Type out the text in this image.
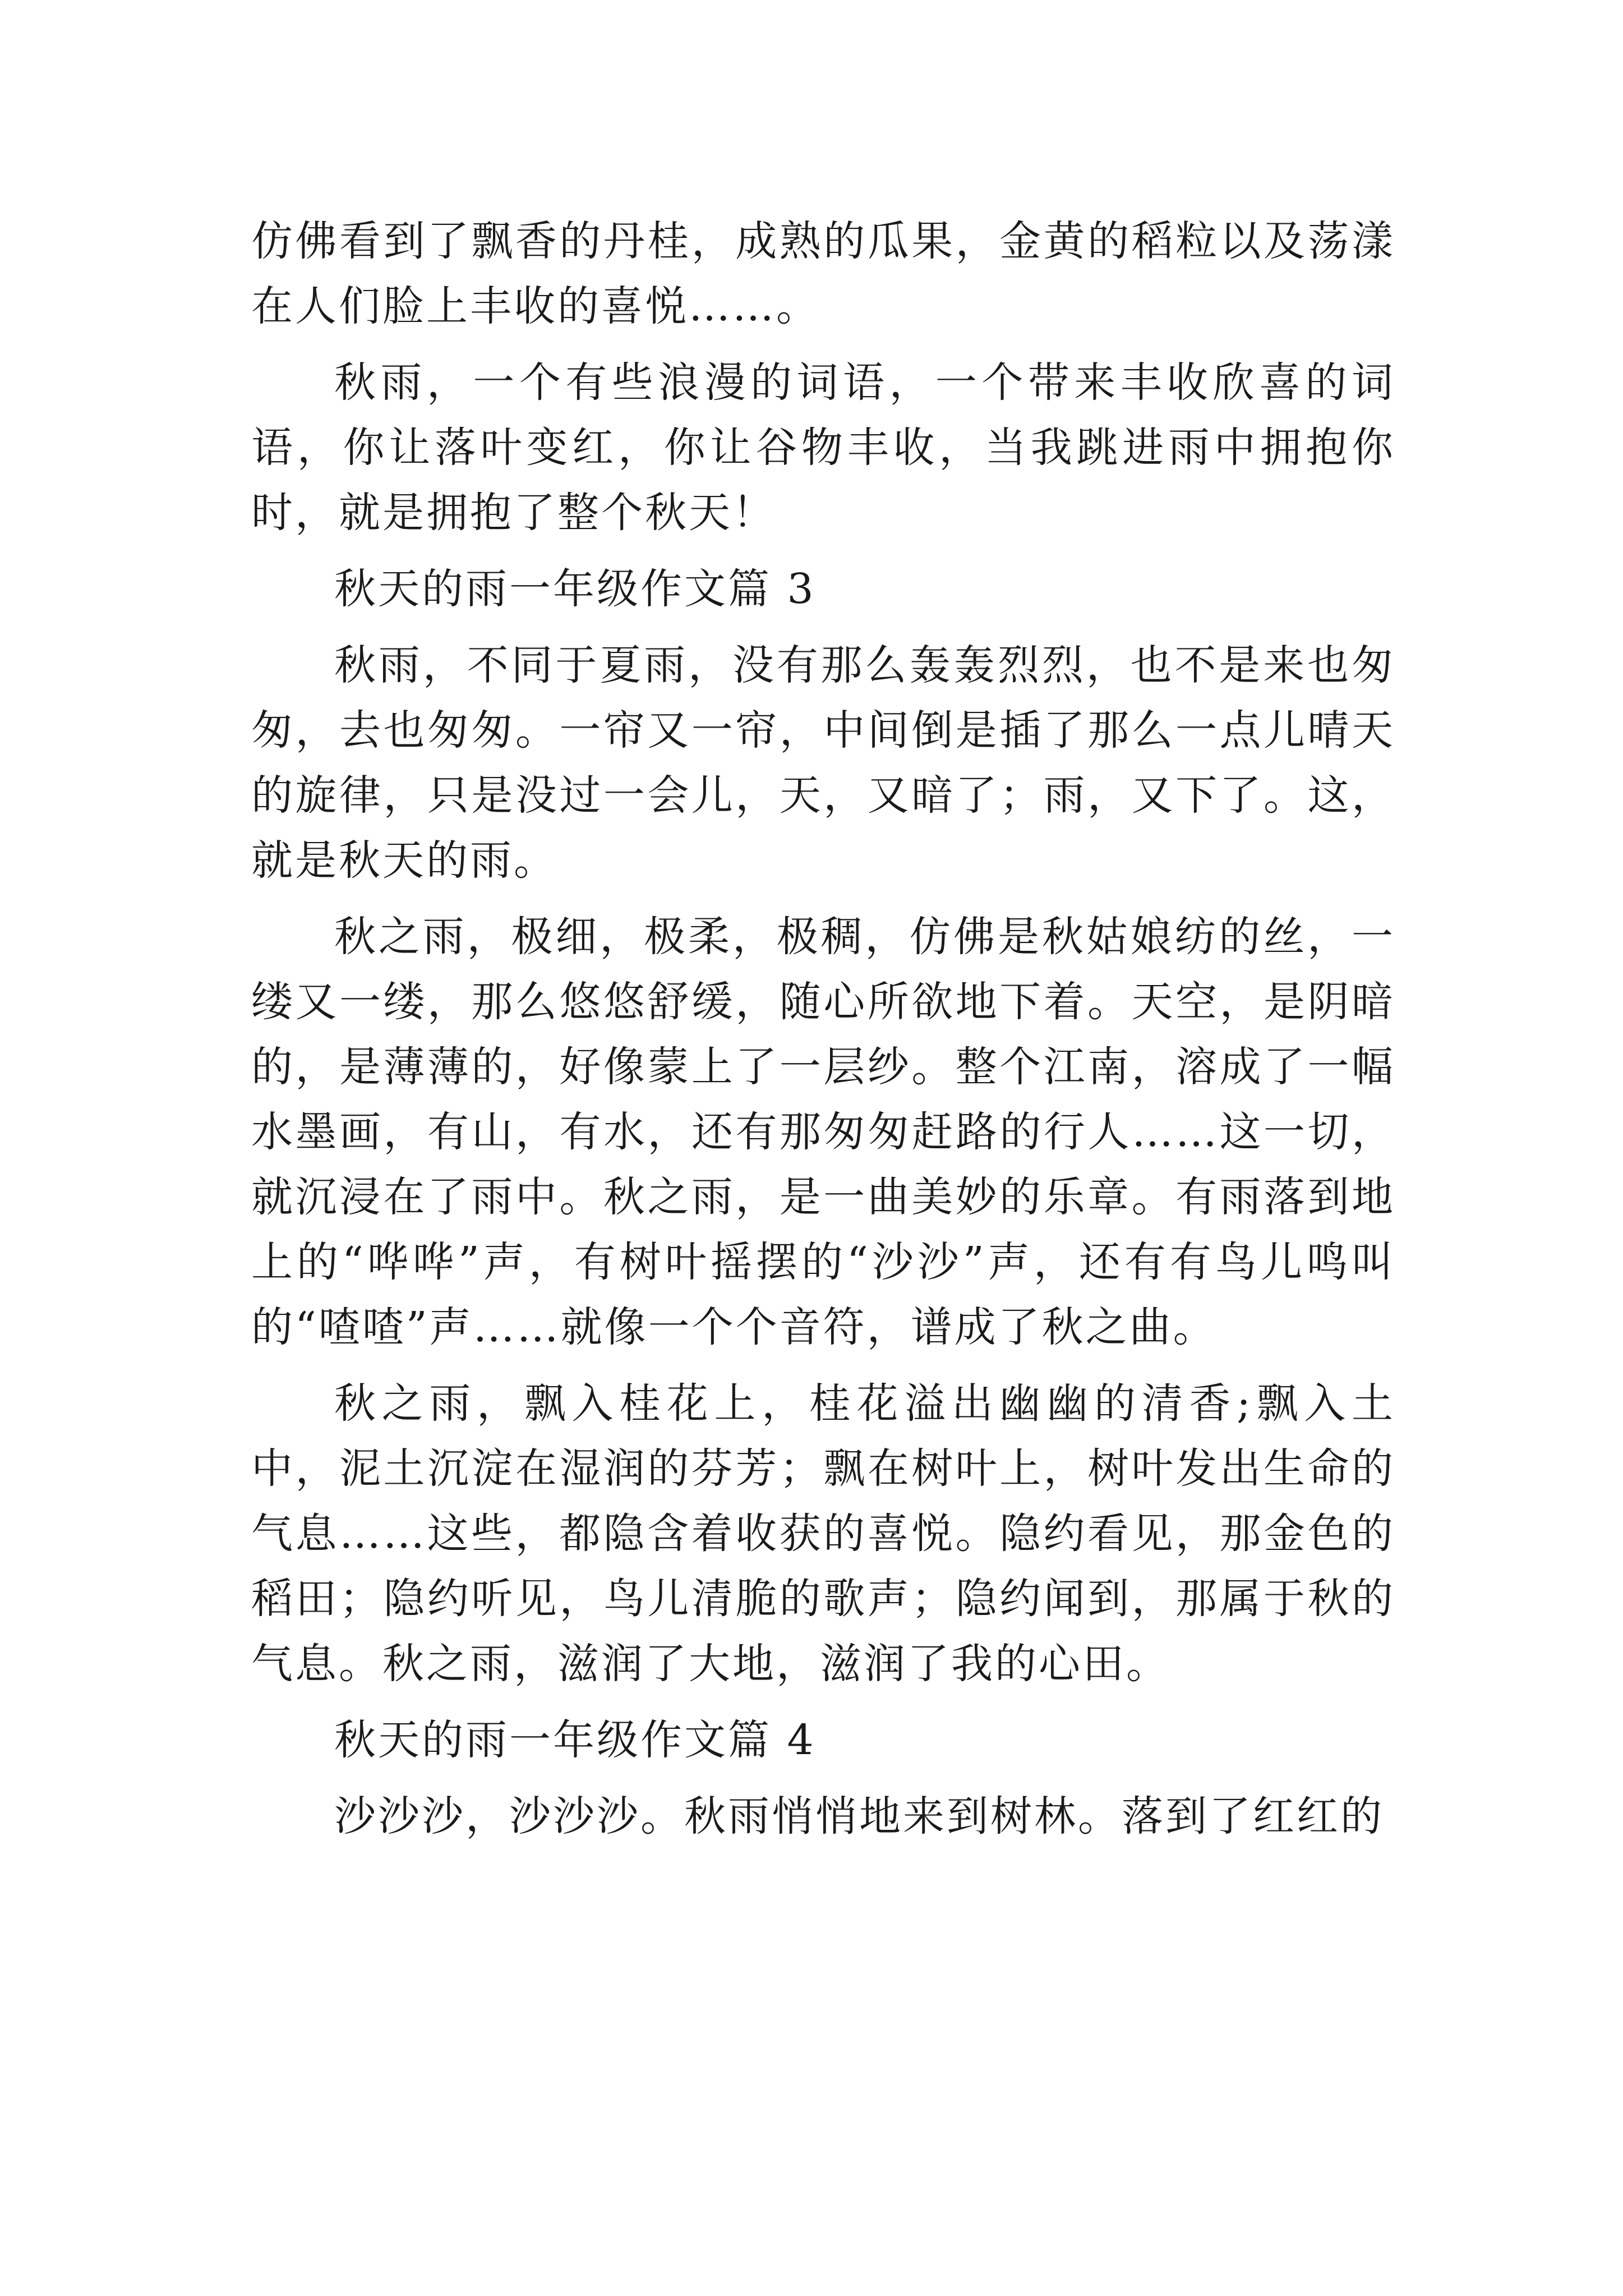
仿佛看到了飘香的丹桂，成熟的瓜果，金黄的稻粒以及荡漾在人们脸上丰收的喜悦……。

秋雨，一个有些浪漫的词语，一个带来丰收欣喜的词语，你让落叶变红，你让谷物丰收，当我跳进雨中拥抱你时，就是拥抱了整个秋天！

秋天的雨一年级作文篇 3

秋雨，不同于夏雨，没有那么轰轰烈烈，也不是来也匆匆，去也匆匆。一帘又一帘，中间倒是插了那么一点儿晴天的旋律，只是没过一会儿，天，又暗了；雨，又下了。这，就是秋天的雨。

秋之雨，极细，极柔，极稠，仿佛是秋姑娘纺的丝，一缕又一缕，那么悠悠舒缓，随心所欲地下着。天空，是阴暗的，是薄薄的，好像蒙上了一层纱。整个江南，溶成了一幅水墨画，有山，有水，还有那匆匆赶路的行人……这一切，就沉浸在了雨中。秋之雨，是一曲美妙的乐章。有雨落到地上的“哗哗”声，有树叶摇摆的“沙沙”声，还有有鸟儿鸣叫的“喳喳”声……就像一个个音符，谱成了秋之曲。

秋之雨，飘入桂花上，桂花溢出幽幽的清香;飘入土中，泥土沉淀在湿润的芬芳；飘在树叶上，树叶发出生命的气息……这些，都隐含着收获的喜悦。隐约看见，那金色的稻田；隐约听见，鸟儿清脆的歌声；隐约闻到，那属于秋的气息。秋之雨，滋润了大地，滋润了我的心田。

秋天的雨一年级作文篇 4

沙沙沙，沙沙沙。秋雨悄悄地来到树林。落到了红红的
